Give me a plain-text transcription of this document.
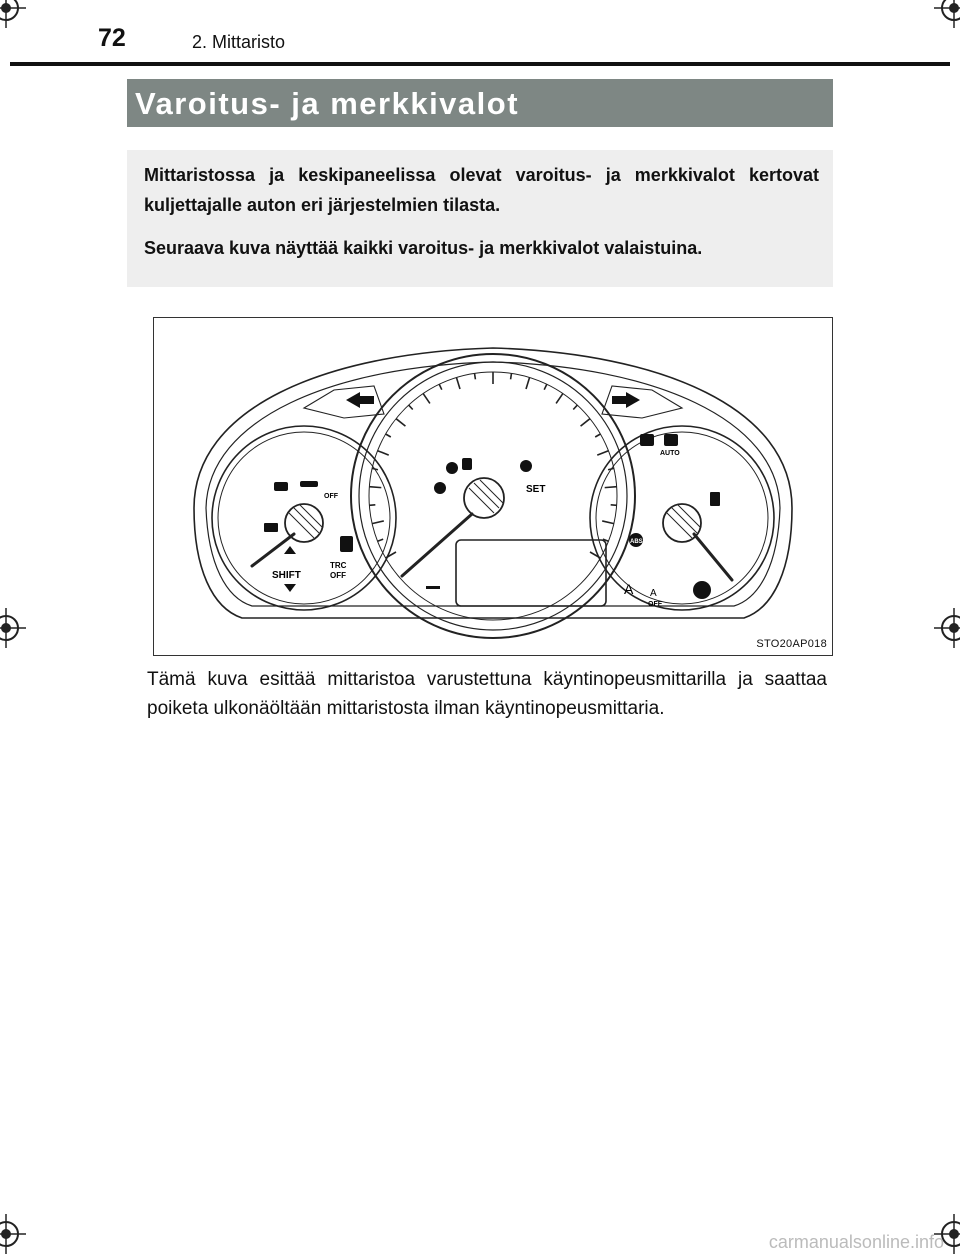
72	2. Mittaristo
Varoitus- ja merkkivalot

Mittaristossa ja keskipaneelissa olevat varoitus- ja merkkivalot kertovat kuljettajalle auton eri järjestelmien tilasta.

Seuraava kuva näyttää kaikki varoitus- ja merkkivalot valaistuina.

SHIFT
TRC
OFF
SET
AUTO
ABS
A A
OFF
OFF
STO20AP018
Tämä kuva esittää mittaristoa varustettuna käyntinopeusmittarilla ja saattaa poiketa ulkonäöltään mittaristosta ilman käyntinopeusmittaria.
carmanualsonline.info
